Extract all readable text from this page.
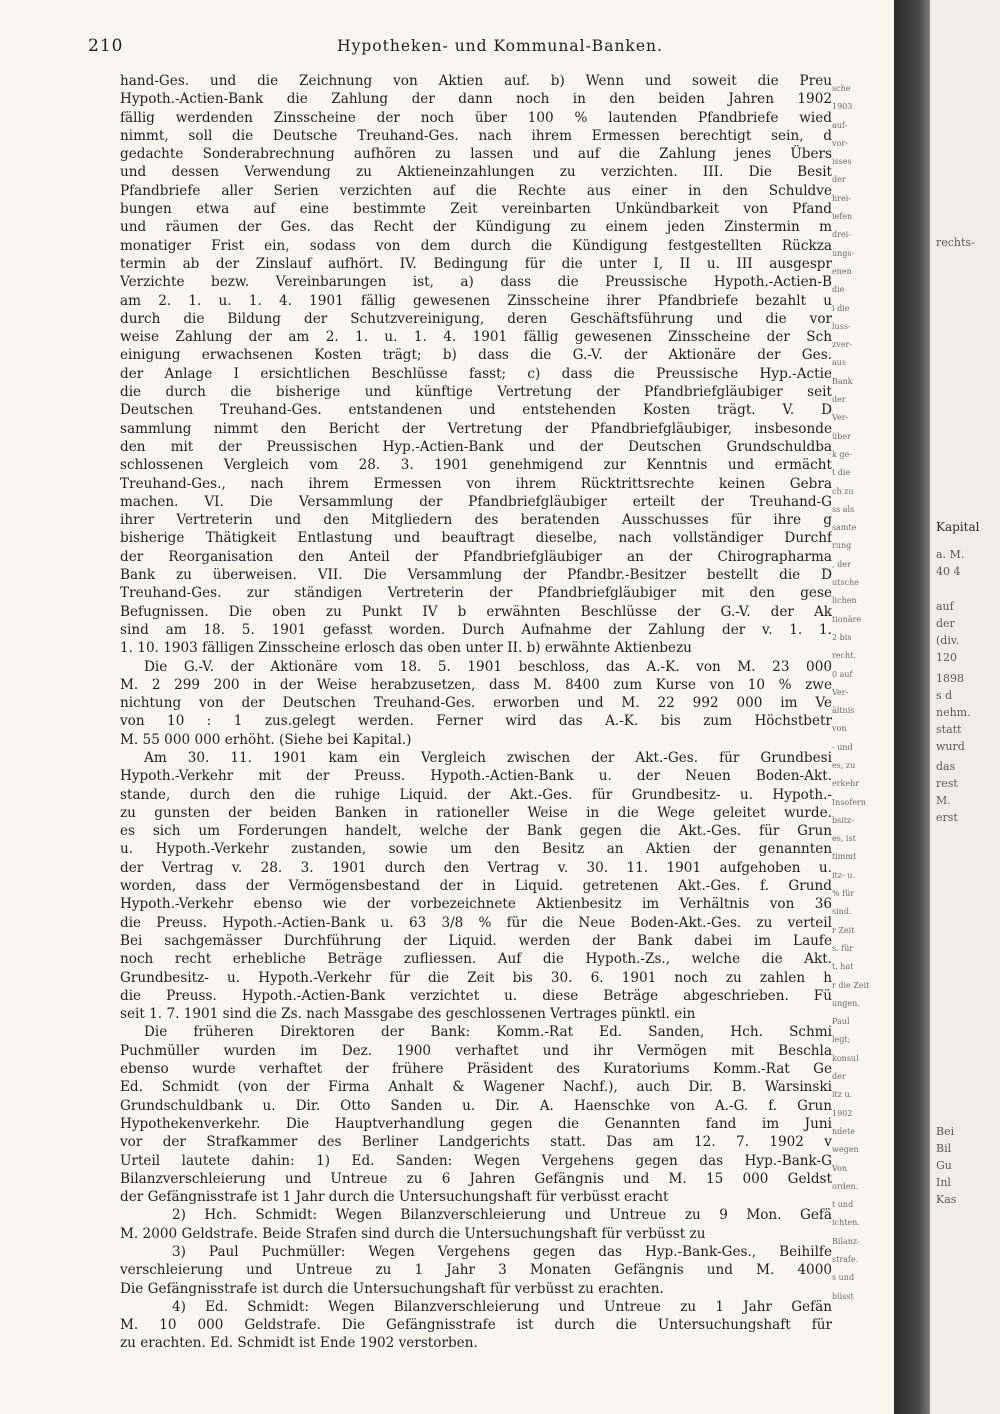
210	Hypotheken- und Kommunal-Banken.
hand-Ges. und die Zeichnung von Aktien auf. b) Wenn und soweit die Preu
Hypoth.-Actien-Bank die Zahlung der dann noch in den beiden Jahren 1902
fällig werdenden Zinsscheine der noch über 100 % lautenden Pfandbriefe wied
nimmt, soll die Deutsche Treuhand-Ges. nach ihrem Ermessen berechtigt sein, d
gedachte Sonderabrechnung aufhören zu lassen und auf die Zahlung jenes Übers
und dessen Verwendung zu Aktieneinzahlungen zu verzichten. III. Die Besit
Pfandbriefe aller Serien verzichten auf die Rechte aus einer in den Schuldve
bungen etwa auf eine bestimmte Zeit vereinbarten Unkündbarkeit von Pfand
und räumen der Ges. das Recht der Kündigung zu einem jeden Zinstermin m
monatiger Frist ein, sodass von dem durch die Kündigung festgestellten Rückza
termin ab der Zinslauf aufhört. IV. Bedingung für die unter I, II u. III ausgespr
Verzichte bezw. Vereinbarungen ist, a) dass die Preussische Hypoth.-Actien-B
am 2. 1. u. 1. 4. 1901 fällig gewesenen Zinsscheine ihrer Pfandbriefe bezahlt u
durch die Bildung der Schutzvereinigung, deren Geschäftsführung und die vor
weise Zahlung der am 2. 1. u. 1. 4. 1901 fällig gewesenen Zinsscheine der Sch
einigung erwachsenen Kosten trägt; b) dass die G.-V. der Aktionäre der Ges.
der Anlage I ersichtlichen Beschlüsse fasst; c) dass die Preussische Hyp.-Actie
die durch die bisherige und künftige Vertretung der Pfandbriefgläubiger seit
Deutschen Treuhand-Ges. entstandenen und entstehenden Kosten trägt. V. D
sammlung nimmt den Bericht der Vertretung der Pfandbriefgläubiger, insbesonde
den mit der Preussischen Hyp.-Actien-Bank und der Deutschen Grundschuldba
schlossenen Vergleich vom 28. 3. 1901 genehmigend zur Kenntnis und ermächt
Treuhand-Ges., nach ihrem Ermessen von ihrem Rücktrittsrechte keinen Gebra
machen. VI. Die Versammlung der Pfandbriefgläubiger erteilt der Treuhand-G
ihrer Vertreterin und den Mitgliedern des beratenden Ausschusses für ihre g
bisherige Thätigkeit Entlastung und beauftragt dieselbe, nach vollständiger Durchf
der Reorganisation den Anteil der Pfandbriefgläubiger an der Chirographarma
Bank zu überweisen. VII. Die Versammlung der Pfandbr.-Besitzer bestellt die D
Treuhand-Ges. zur ständigen Vertreterin der Pfandbriefgläubiger mit den gese
Befugnissen. Die oben zu Punkt IV b erwähnten Beschlüsse der G.-V. der Ak
sind am 18. 5. 1901 gefasst worden. Durch Aufnahme der Zahlung der v. 1. 1.
1. 10. 1903 fälligen Zinsscheine erlosch das oben unter II. b) erwähnte Aktienbezu
Die G.-V. der Aktionäre vom 18. 5. 1901 beschloss, das A.-K. von M. 23 000
M. 2 299 200 in der Weise herabzusetzen, dass M. 8400 zum Kurse von 10 % zwe
nichtung von der Deutschen Treuhand-Ges. erworben und M. 22 992 000 im Ve
von 10 : 1 zus.gelegt werden. Ferner wird das A.-K. bis zum Höchstbetr
M. 55 000 000 erhöht. (Siehe bei Kapital.)
Am 30. 11. 1901 kam ein Vergleich zwischen der Akt.-Ges. für Grundbesi
Hypoth.-Verkehr mit der Preuss. Hypoth.-Actien-Bank u. der Neuen Boden-Akt.
stande, durch den die ruhige Liquid. der Akt.-Ges. für Grundbesitz- u. Hypoth.-
zu gunsten der beiden Banken in rationeller Weise in die Wege geleitet wurde.
es sich um Forderungen handelt, welche der Bank gegen die Akt.-Ges. für Grun
u. Hypoth.-Verkehr zustanden, sowie um den Besitz an Aktien der genannten
der Vertrag v. 28. 3. 1901 durch den Vertrag v. 30. 11. 1901 aufgehoben u.
worden, dass der Vermögensbestand der in Liquid. getretenen Akt.-Ges. f. Grund
Hypoth.-Verkehr ebenso wie der vorbezeichnete Aktienbesitz im Verhältnis von 36
die Preuss. Hypoth.-Actien-Bank u. 63 3/8 % für die Neue Boden-Akt.-Ges. zu verteil
Bei sachgemässer Durchführung der Liquid. werden der Bank dabei im Laufe
noch recht erhebliche Beträge zufliessen. Auf die Hypoth.-Zs., welche die Akt.
Grundbesitz- u. Hypoth.-Verkehr für die Zeit bis 30. 6. 1901 noch zu zahlen h
die Preuss. Hypoth.-Actien-Bank verzichtet u. diese Beträge abgeschrieben. Fü
seit 1. 7. 1901 sind die Zs. nach Massgabe des geschlossenen Vertrages pünktl. ein
Die früheren Direktoren der Bank: Komm.-Rat Ed. Sanden, Hch. Schmi
Puchmüller wurden im Dez. 1900 verhaftet und ihr Vermögen mit Beschla
ebenso wurde verhaftet der frühere Präsident des Kuratoriums Komm.-Rat Ge
Ed. Schmidt (von der Firma Anhalt & Wagener Nachf.), auch Dir. B. Warsinski
Grundschuldbank u. Dir. Otto Sanden u. Dir. A. Haenschke von A.-G. f. Grun
Hypothekenverkehr. Die Hauptverhandlung gegen die Genannten fand im Juni
vor der Strafkammer des Berliner Landgerichts statt. Das am 12. 7. 1902 v
Urteil lautete dahin: 1) Ed. Sanden: Wegen Vergehens gegen das Hyp.-Bank-G
Bilanzverschleierung und Untreue zu 6 Jahren Gefängnis und M. 15 000 Geldst
der Gefängnisstrafe ist 1 Jahr durch die Untersuchungshaft für verbüsst eracht
2) Hch. Schmidt: Wegen Bilanzverschleierung und Untreue zu 9 Mon. Gefä
M. 2000 Geldstrafe. Beide Strafen sind durch die Untersuchungshaft für verbüsst zu
3) Paul Puchmüller: Wegen Vergehens gegen das Hyp.-Bank-Ges., Beihilfe
verschleierung und Untreue zu 1 Jahr 3 Monaten Gefängnis und M. 4000
Die Gefängnisstrafe ist durch die Untersuchungshaft für verbüsst zu erachten.
4) Ed. Schmidt: Wegen Bilanzverschleierung und Untreue zu 1 Jahr Gefän
M. 10 000 Geldstrafe. Die Gefängnisstrafe ist durch die Untersuchungshaft für
zu erachten. Ed. Schmidt ist Ende 1902 verstorben.
sche
1903
auf-
vor-
isses
der
hrei-
iefen
drei-
ungs-
enen
die
i die
luss-
zver-
aus
Bank
der
Ver-
über
k ge-
t die
ch zu
ss als
samte
rung
, der
utsche
lichen
tionäre
2 bis
recht.
0 auf
Ver-
ältnis
von
- und
es, zu
erkehr
Insofern
bsitz-
es, ist
timmt
itz- u.
% für
sind.
r Zeit
s. für
t, hat
r die Zeit
ungen.
Paul
legt;
konsul
der
itz u.
1902
ndete
wegen
Von
orden.
t und
ichten.
Bilanz-
strafe.
s und
büsst
rechts-
Kapital
a. M.
40 4
auf
der
(div.
120
1898
s d
nehm.
statt
wurd
das
rest
M.
erst
Bei
Bil
Gu
Inl
Kas
